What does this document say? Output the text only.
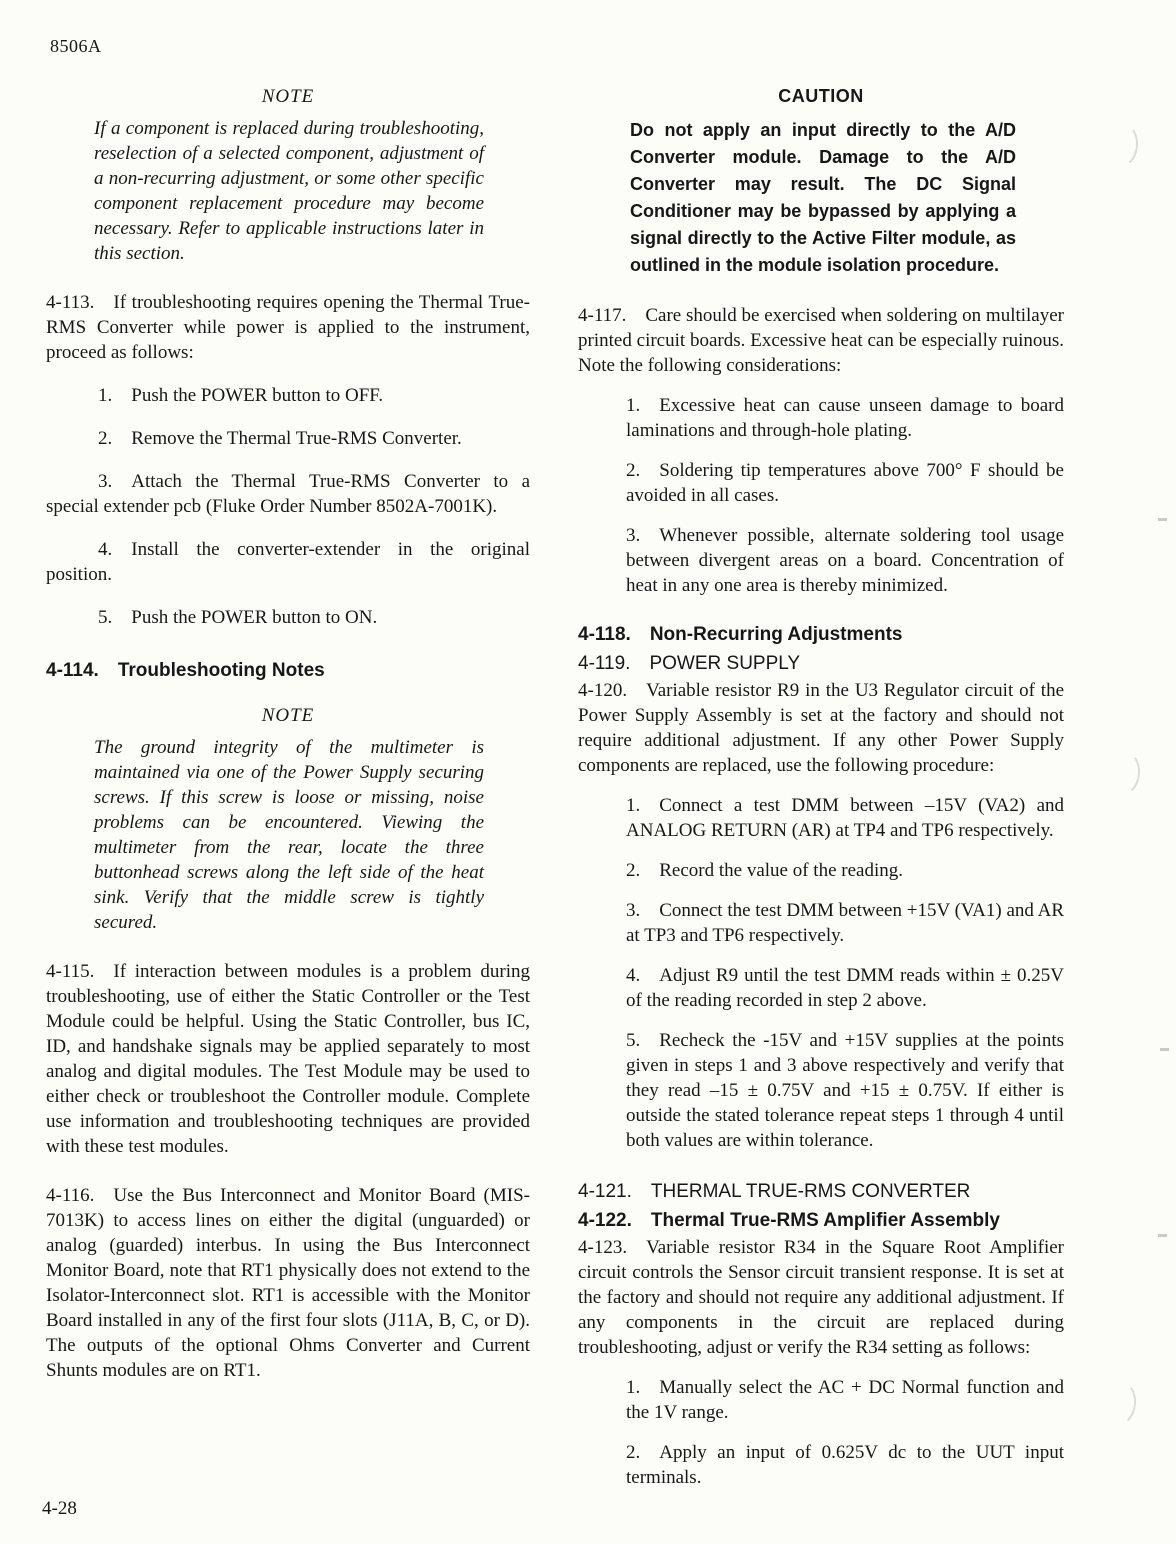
8506A
NOTE

If a component is replaced during troubleshooting, reselection of a selected component, adjustment of a non-recurring adjustment, or some other specific component replacement procedure may become necessary. Refer to applicable instructions later in this section.

4-113. If troubleshooting requires opening the Thermal True-RMS Converter while power is applied to the instrument, proceed as follows:

1. Push the POWER button to OFF.

2. Remove the Thermal True-RMS Converter.

3. Attach the Thermal True-RMS Converter to a special extender pcb (Fluke Order Number 8502A-7001K).

4. Install the converter-extender in the original position.

5. Push the POWER button to ON.

4-114. Troubleshooting Notes
NOTE

The ground integrity of the multimeter is maintained via one of the Power Supply securing screws. If this screw is loose or missing, noise problems can be encountered. Viewing the multimeter from the rear, locate the three buttonhead screws along the left side of the heat sink. Verify that the middle screw is tightly secured.

4-115. If interaction between modules is a problem during troubleshooting, use of either the Static Controller or the Test Module could be helpful. Using the Static Controller, bus IC, ID, and handshake signals may be applied separately to most analog and digital modules. The Test Module may be used to either check or troubleshoot the Controller module. Complete use information and troubleshooting techniques are provided with these test modules.

4-116. Use the Bus Interconnect and Monitor Board (MIS-7013K) to access lines on either the digital (unguarded) or analog (guarded) interbus. In using the Bus Interconnect Monitor Board, note that RT1 physically does not extend to the Isolator-Interconnect slot. RT1 is accessible with the Monitor Board installed in any of the first four slots (J11A, B, C, or D). The outputs of the optional Ohms Converter and Current Shunts modules are on RT1.

CAUTION

Do not apply an input directly to the A/D Converter module. Damage to the A/D Converter may result. The DC Signal Conditioner may be bypassed by applying a signal directly to the Active Filter module, as outlined in the module isolation procedure.

4-117. Care should be exercised when soldering on multilayer printed circuit boards. Excessive heat can be especially ruinous. Note the following considerations:

1. Excessive heat can cause unseen damage to board laminations and through-hole plating.

2. Soldering tip temperatures above 700° F should be avoided in all cases.

3. Whenever possible, alternate soldering tool usage between divergent areas on a board. Concentration of heat in any one area is thereby minimized.

4-118. Non-Recurring Adjustments
4-119. POWER SUPPLY

4-120. Variable resistor R9 in the U3 Regulator circuit of the Power Supply Assembly is set at the factory and should not require additional adjustment. If any other Power Supply components are replaced, use the following procedure:

1. Connect a test DMM between –15V (VA2) and ANALOG RETURN (AR) at TP4 and TP6 respectively.

2. Record the value of the reading.

3. Connect the test DMM between +15V (VA1) and AR at TP3 and TP6 respectively.

4. Adjust R9 until the test DMM reads within ± 0.25V of the reading recorded in step 2 above.

5. Recheck the -15V and +15V supplies at the points given in steps 1 and 3 above respectively and verify that they read –15 ± 0.75V and +15 ± 0.75V. If either is outside the stated tolerance repeat steps 1 through 4 until both values are within tolerance.

4-121. THERMAL TRUE-RMS CONVERTER
4-122. Thermal True-RMS Amplifier Assembly

4-123. Variable resistor R34 in the Square Root Amplifier circuit controls the Sensor circuit transient response. It is set at the factory and should not require any additional adjustment. If any components in the circuit are replaced during troubleshooting, adjust or verify the R34 setting as follows:

1. Manually select the AC + DC Normal function and the 1V range.

2. Apply an input of 0.625V dc to the UUT input terminals.

4-28
